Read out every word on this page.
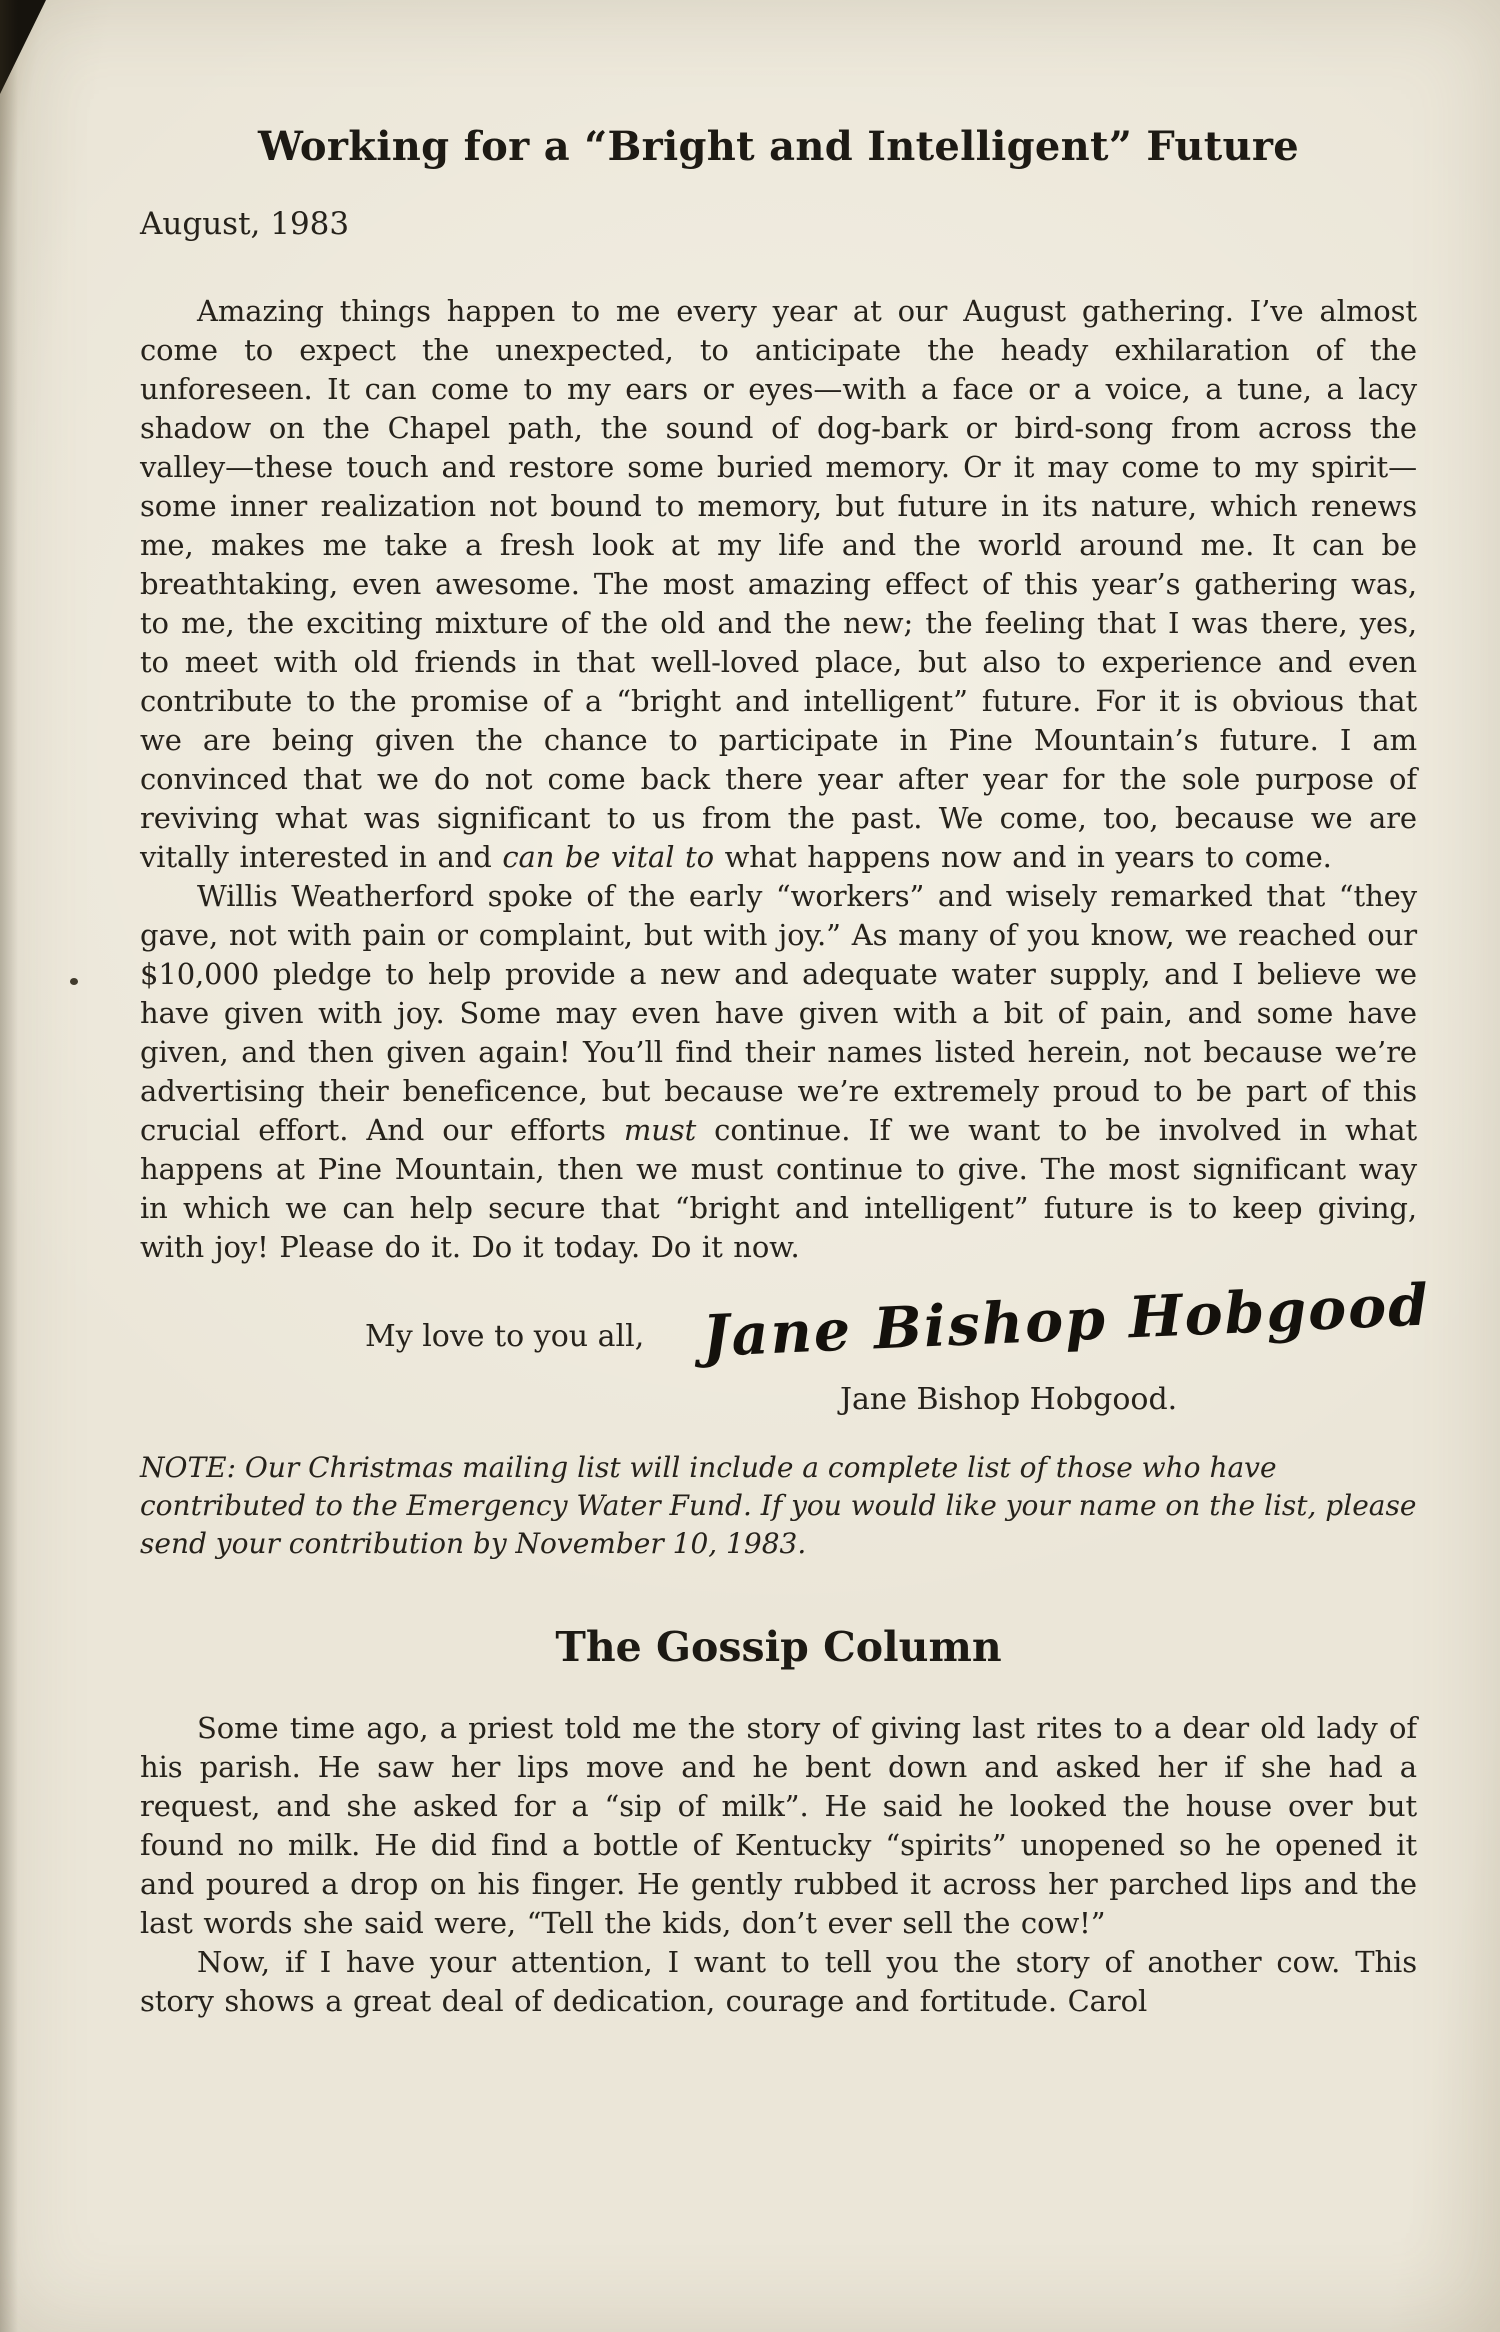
Working for a “Bright and Intelligent” Future
August, 1983

Amazing things happen to me every year at our August gathering. I’ve almost come to expect the unexpected, to anticipate the heady exhilaration of the unforeseen. It can come to my ears or eyes—with a face or a voice, a tune, a lacy shadow on the Chapel path, the sound of dog-bark or bird-song from across the valley—these touch and restore some buried memory. Or it may come to my spirit—some inner realization not bound to memory, but future in its nature, which renews me, makes me take a fresh look at my life and the world around me. It can be breathtaking, even awesome. The most amazing effect of this year’s gathering was, to me, the exciting mixture of the old and the new; the feeling that I was there, yes, to meet with old friends in that well-loved place, but also to experience and even contribute to the promise of a “bright and intelligent” future. For it is obvious that we are being given the chance to participate in Pine Mountain’s future. I am convinced that we do not come back there year after year for the sole purpose of reviving what was significant to us from the past. We come, too, because we are vitally interested in and can be vital to what happens now and in years to come.

Willis Weatherford spoke of the early “workers” and wisely remarked that “they gave, not with pain or complaint, but with joy.” As many of you know, we reached our $10,000 pledge to help provide a new and adequate water supply, and I believe we have given with joy. Some may even have given with a bit of pain, and some have given, and then given again! You’ll find their names listed herein, not because we’re advertising their beneficence, but because we’re extremely proud to be part of this crucial effort. And our efforts must continue. If we want to be involved in what happens at Pine Mountain, then we must continue to give. The most significant way in which we can help secure that “bright and intelligent” future is to keep giving, with joy! Please do it. Do it today. Do it now.

My love to you all, Jane Bishop Hobgood
Jane Bishop Hobgood.

NOTE: Our Christmas mailing list will include a complete list of those who have contributed to the Emergency Water Fund. If you would like your name on the list, please send your contribution by November 10, 1983.

The Gossip Column

Some time ago, a priest told me the story of giving last rites to a dear old lady of his parish. He saw her lips move and he bent down and asked her if she had a request, and she asked for a “sip of milk”. He said he looked the house over but found no milk. He did find a bottle of Kentucky “spirits” unopened so he opened it and poured a drop on his finger. He gently rubbed it across her parched lips and the last words she said were, “Tell the kids, don’t ever sell the cow!”

Now, if I have your attention, I want to tell you the story of another cow. This story shows a great deal of dedication, courage and fortitude. Carol
